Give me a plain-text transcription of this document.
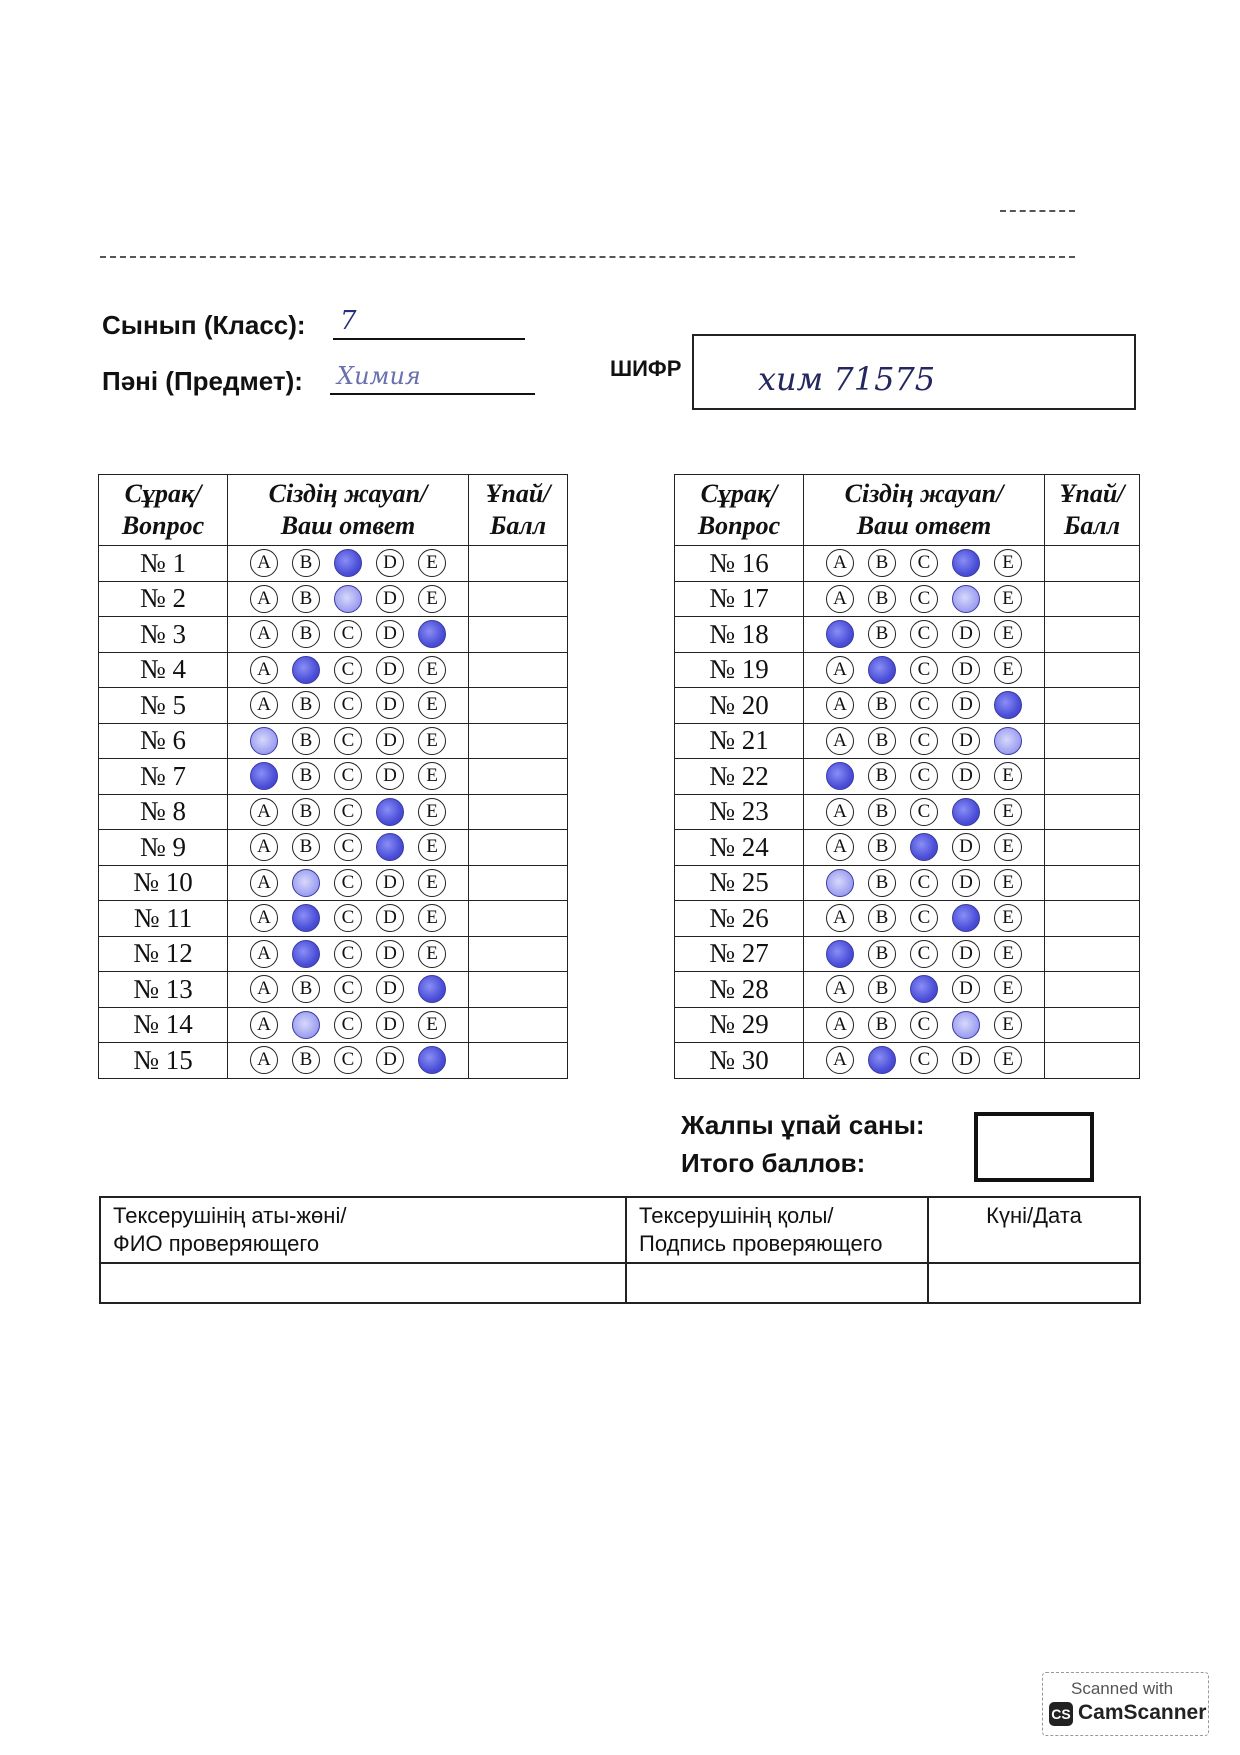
Сынып (Класс): 7
Пәні (Предмет): Химия	ШИФР хим 71575
Сұрақ/
Вопрос	Сіздің жауап/
Ваш ответ	Ұпай/
Балл
№ 1	A B D E	
№ 2	A B D E	
№ 3	A B C D	
№ 4	A C D E	
№ 5	A B C D E	
№ 6	B C D E	
№ 7	B C D E	
№ 8	A B C E	
№ 9	A B C E	
№ 10	A C D E	
№ 11	A C D E	
№ 12	A C D E	
№ 13	A B C D	
№ 14	A C D E	
№ 15	A B C D	
Сұрақ/
Вопрос	Сіздің жауап/
Ваш ответ	Ұпай/
Балл
№ 16	A B C E	
№ 17	A B C E	
№ 18	B C D E	
№ 19	A C D E	
№ 20	A B C D	
№ 21	A B C D	
№ 22	B C D E	
№ 23	A B C E	
№ 24	A B D E	
№ 25	B C D E	
№ 26	A B C E	
№ 27	B C D E	
№ 28	A B D E	
№ 29	A B C E	
№ 30	A C D E	
Жалпы ұпай саны:
Итого баллов:
Тексерушінің аты-жөні/
ФИО проверяющего	Тексерушінің қолы/
Подпись проверяющего	Күні/Дата

Scanned with
CS CamScanner
